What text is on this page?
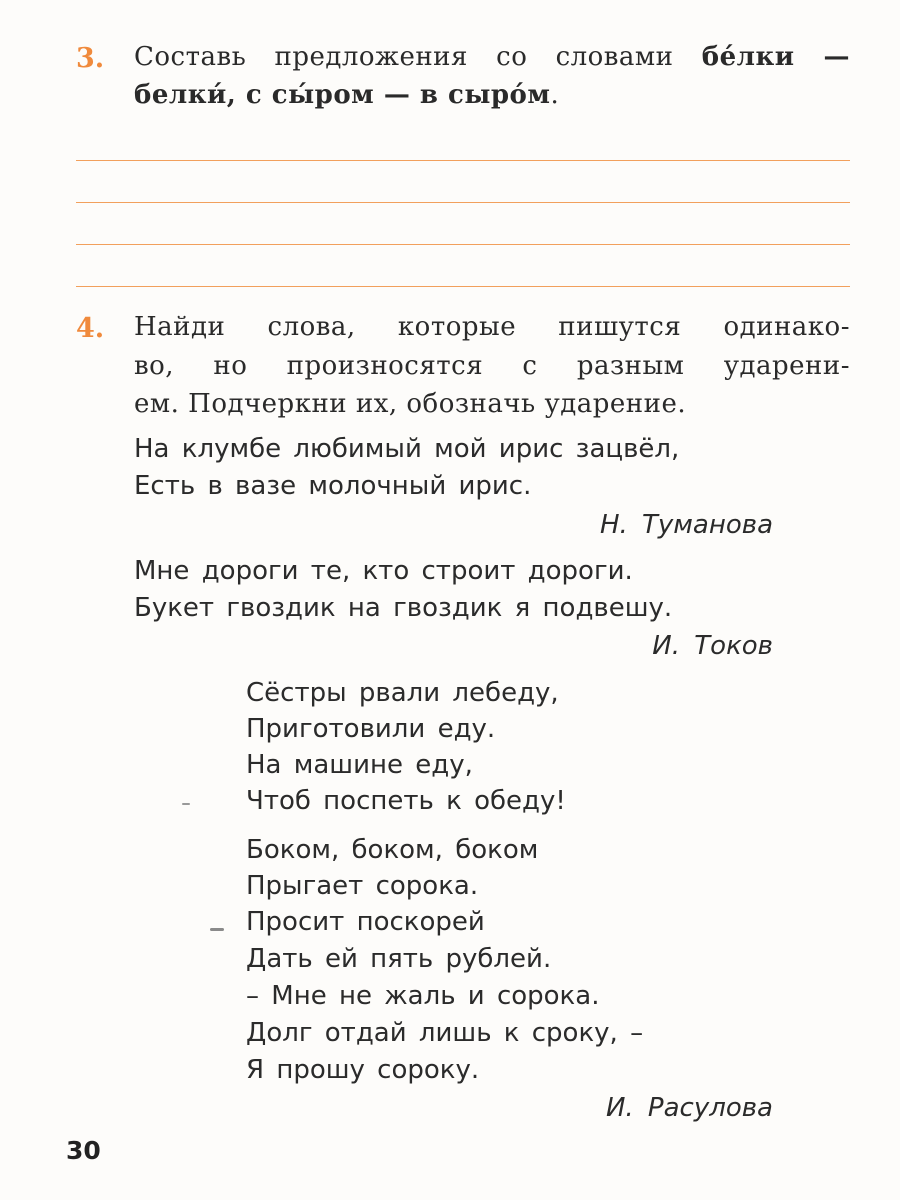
3. Составь предложения со словами бе́лки —
белки́, с сы́ром — в сыро́м.
4. Найди слова, которые пишутся одинако-
во, но произносятся с разным ударени-
ем. Подчеркни их, обозначь ударение.
На клумбе любимый мой ирис зацвёл,
Есть в вазе молочный ирис.
Н. Туманова
Мне дороги те, кто строит дороги.
Букет гвоздик на гвоздик я подвешу.
И. Токов
Сёстры рвали лебеду,
Приготовили еду.
На машине еду,
Чтоб поспеть к обеду!
Боком, боком, боком
Прыгает сорока.
Просит поскорей
Дать ей пять рублей.
– Мне не жаль и сорока.
Долг отдай лишь к сроку, –
Я прошу сороку.
И. Расулова
30
